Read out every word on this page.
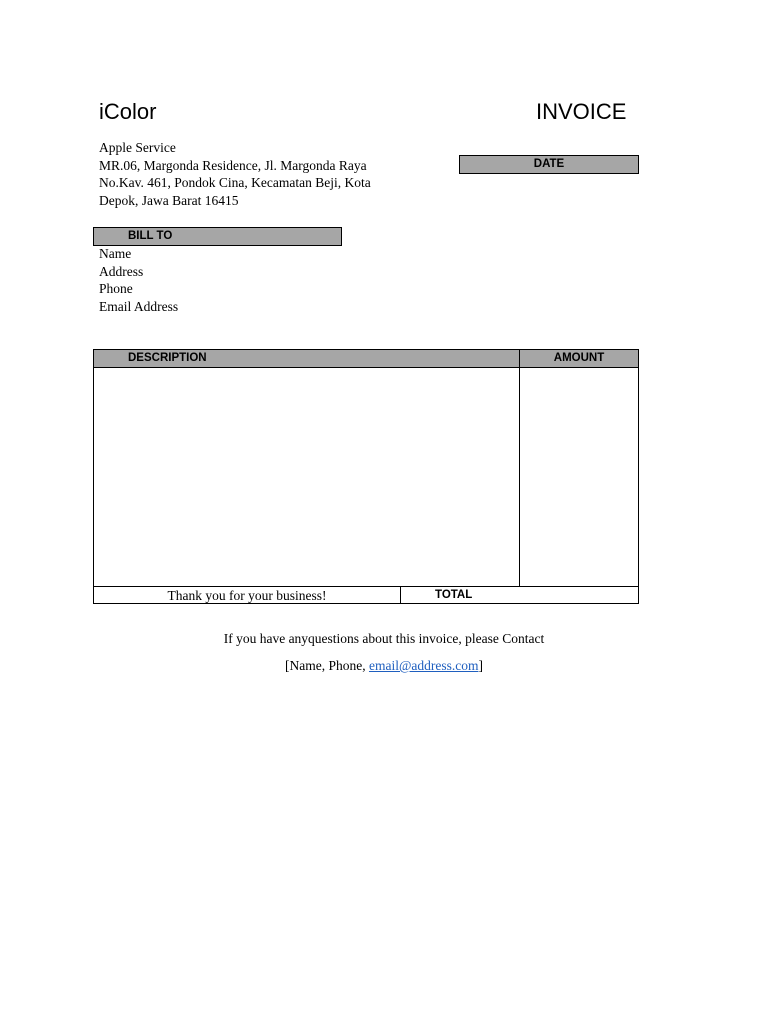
iColor	INVOICE
Apple Service
MR.06, Margonda Residence, Jl. Margonda Raya
No.Kav. 461, Pondok Cina, Kecamatan Beji, Kota
Depok, Jawa Barat 16415
DATE
BILL TO
Name
Address
Phone
Email Address
DESCRIPTION	AMOUNT
Thank you for your business!	TOTAL
If you have anyquestions about this invoice, please Contact
[Name, Phone, email@address.com]
